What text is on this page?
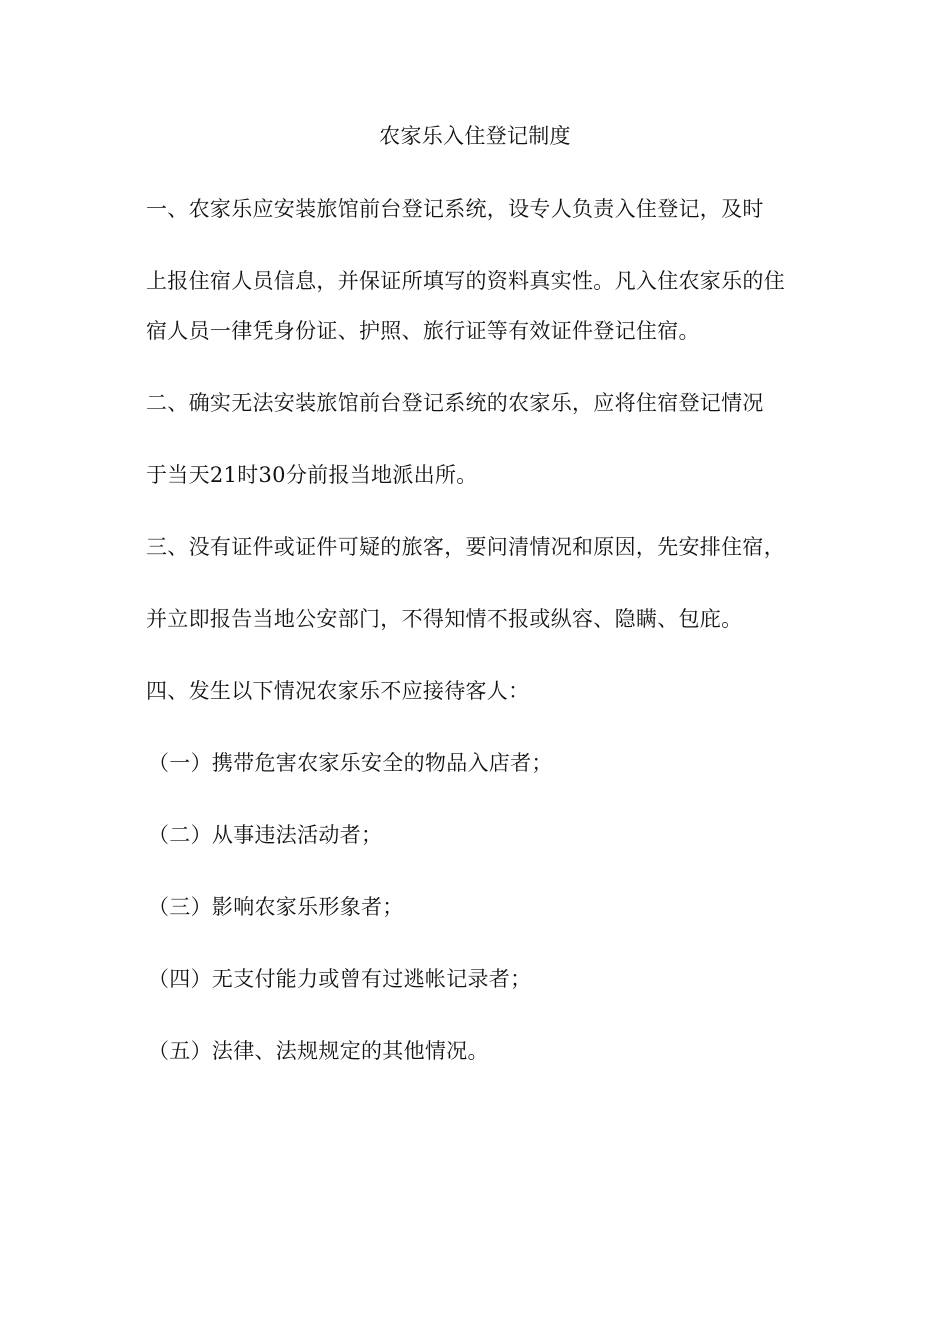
农家乐入住登记制度
一、农家乐应安装旅馆前台登记系统，设专人负责入住登记，及时
上报住宿人员信息，并保证所填写的资料真实性。凡入住农家乐的住
宿人员一律凭身份证、护照、旅行证等有效证件登记住宿。
二、确实无法安装旅馆前台登记系统的农家乐，应将住宿登记情况
于当天21时30分前报当地派出所。
三、没有证件或证件可疑的旅客，要问清情况和原因，先安排住宿，
并立即报告当地公安部门，不得知情不报或纵容、隐瞒、包庇。
四、发生以下情况农家乐不应接待客人：
（一）携带危害农家乐安全的物品入店者；
（二）从事违法活动者；
（三）影响农家乐形象者；
（四）无支付能力或曾有过逃帐记录者；
（五）法律、法规规定的其他情况。
